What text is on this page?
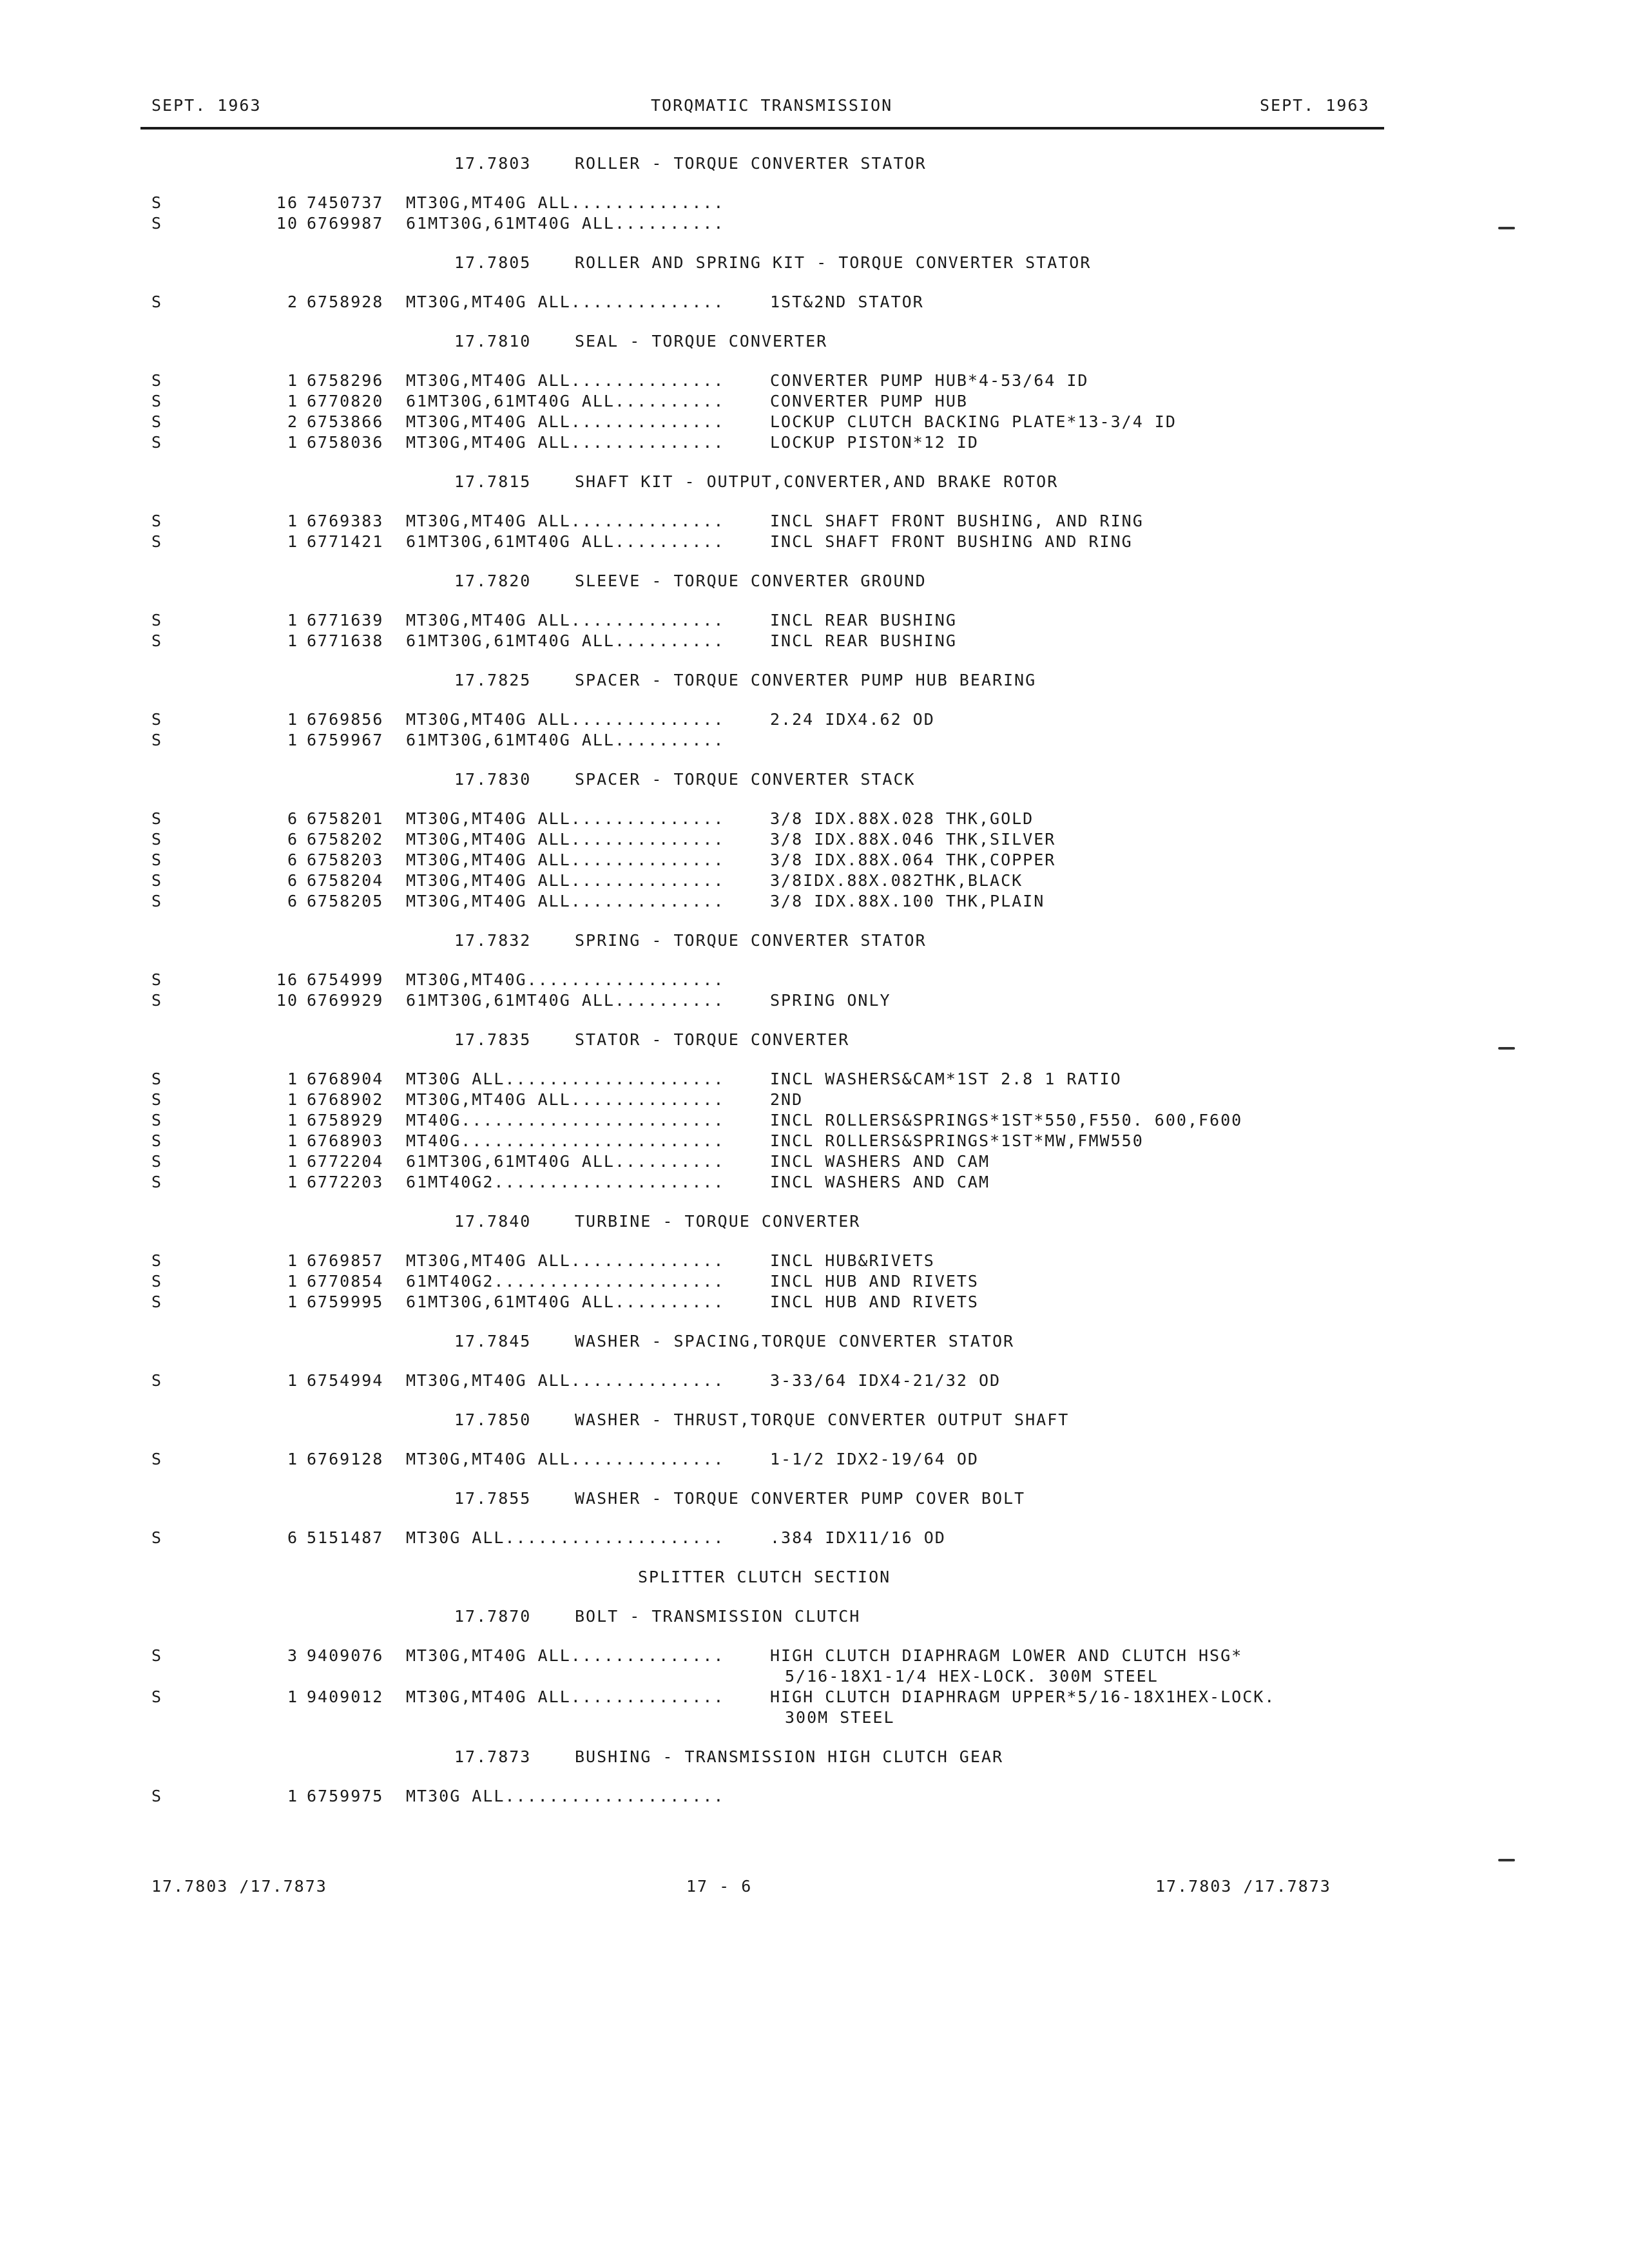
SEPT. 1963	TORQMATIC TRANSMISSION	SEPT. 1963
17.7803	ROLLER - TORQUE CONVERTER STATOR
S	16 7450737 MT30G,MT40G ALL..............
S	10 6769987 61MT30G,61MT40G ALL..........
17.7805	ROLLER AND SPRING KIT - TORQUE CONVERTER STATOR
S	2 6758928 MT30G,MT40G ALL..............	1ST&2ND STATOR
17.7810	SEAL - TORQUE CONVERTER
S	1 6758296 MT30G,MT40G ALL..............	CONVERTER PUMP HUB*4-53/64 ID
S	1 6770820 61MT30G,61MT40G ALL..........	CONVERTER PUMP HUB
S	2 6753866 MT30G,MT40G ALL..............	LOCKUP CLUTCH BACKING PLATE*13-3/4 ID
S	1 6758036 MT30G,MT40G ALL..............	LOCKUP PISTON*12 ID
17.7815	SHAFT KIT - OUTPUT,CONVERTER,AND BRAKE ROTOR
S	1 6769383 MT30G,MT40G ALL..............	INCL SHAFT FRONT BUSHING, AND RING
S	1 6771421 61MT30G,61MT40G ALL..........	INCL SHAFT FRONT BUSHING AND RING
17.7820	SLEEVE - TORQUE CONVERTER GROUND
S	1 6771639 MT30G,MT40G ALL..............	INCL REAR BUSHING
S	1 6771638 61MT30G,61MT40G ALL..........	INCL REAR BUSHING
17.7825	SPACER - TORQUE CONVERTER PUMP HUB BEARING
S	1 6769856 MT30G,MT40G ALL..............	2.24 IDX4.62 OD
S	1 6759967 61MT30G,61MT40G ALL..........
17.7830	SPACER - TORQUE CONVERTER STACK
S	6 6758201 MT30G,MT40G ALL..............	3/8 IDX.88X.028 THK,GOLD
S	6 6758202 MT30G,MT40G ALL..............	3/8 IDX.88X.046 THK,SILVER
S	6 6758203 MT30G,MT40G ALL..............	3/8 IDX.88X.064 THK,COPPER
S	6 6758204 MT30G,MT40G ALL..............	3/8IDX.88X.082THK,BLACK
S	6 6758205 MT30G,MT40G ALL..............	3/8 IDX.88X.100 THK,PLAIN
17.7832	SPRING - TORQUE CONVERTER STATOR
S	16 6754999 MT30G,MT40G..................
S	10 6769929 61MT30G,61MT40G ALL..........	SPRING ONLY
17.7835	STATOR - TORQUE CONVERTER
S	1 6768904 MT30G ALL....................	INCL WASHERS&CAM*1ST 2.8 1 RATIO
S	1 6768902 MT30G,MT40G ALL..............	2ND
S	1 6758929 MT40G........................	INCL ROLLERS&SPRINGS*1ST*550,F550. 600,F600
S	1 6768903 MT40G........................	INCL ROLLERS&SPRINGS*1ST*MW,FMW550
S	1 6772204 61MT30G,61MT40G ALL..........	INCL WASHERS AND CAM
S	1 6772203 61MT40G2.....................	INCL WASHERS AND CAM
17.7840	TURBINE - TORQUE CONVERTER
S	1 6769857 MT30G,MT40G ALL..............	INCL HUB&RIVETS
S	1 6770854 61MT40G2.....................	INCL HUB AND RIVETS
S	1 6759995 61MT30G,61MT40G ALL..........	INCL HUB AND RIVETS
17.7845	WASHER - SPACING,TORQUE CONVERTER STATOR
S	1 6754994 MT30G,MT40G ALL..............	3-33/64 IDX4-21/32 OD
17.7850	WASHER - THRUST,TORQUE CONVERTER OUTPUT SHAFT
S	1 6769128 MT30G,MT40G ALL..............	1-1/2 IDX2-19/64 OD
17.7855	WASHER - TORQUE CONVERTER PUMP COVER BOLT
S	6 5151487 MT30G ALL....................	.384 IDX11/16 OD
SPLITTER CLUTCH SECTION
17.7870	BOLT - TRANSMISSION CLUTCH
S	3 9409076 MT30G,MT40G ALL..............	HIGH CLUTCH DIAPHRAGM LOWER AND CLUTCH HSG*
5/16-18X1-1/4 HEX-LOCK. 300M STEEL
S	1 9409012 MT30G,MT40G ALL..............	HIGH CLUTCH DIAPHRAGM UPPER*5/16-18X1HEX-LOCK.
300M STEEL
17.7873	BUSHING - TRANSMISSION HIGH CLUTCH GEAR
S	1 6759975 MT30G ALL....................
17.7803 /17.7873	17 - 6	17.7803 /17.7873
